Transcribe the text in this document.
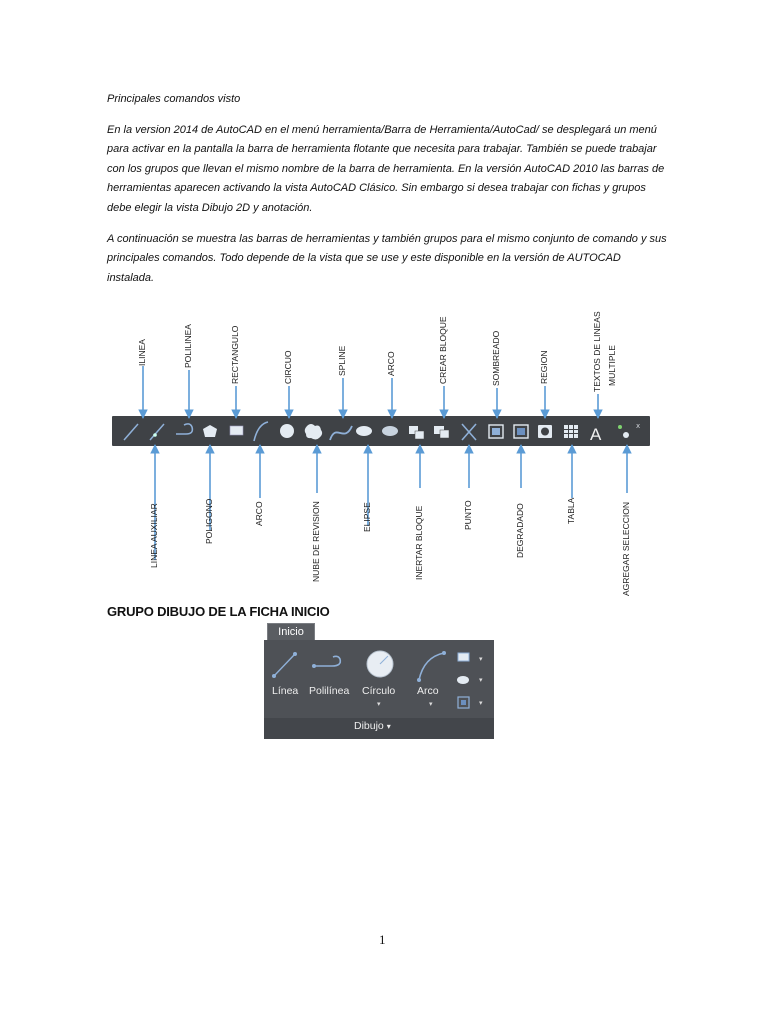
Principales comandos visto

En la version 2014 de AutoCAD en el menú herramienta/Barra de Herramienta/AutoCad/ se desplegará un menú para activar en la pantalla la barra de herramienta flotante que necesita para trabajar. También se puede trabajar con los grupos que llevan el mismo nombre de la barra de herramienta. En la versión AutoCAD 2010 las barras de herramientas aparecen activando la vista AutoCAD Clásico. Sin embargo si desea trabajar con fichas y grupos debe elegir la vista Dibujo 2D y anotación.

A continuación se muestra las barras de herramientas y también grupos para el mismo conjunto de comando y sus principales comandos. Todo depende de la vista que se use y este disponible en la versión de AUTOCAD instalada.

A	x
ILINEA	POLILINEA	RECTANGULO	CIRCUO	SPLINE	ARCO	CREAR BLOQUE	SOMBREADO	REGION	TEXTOS DE LINEAS MULTIPLE
LINEA AUXILIAR	POLIGONO	ARCO	NUBE DE REVISION	ELIPSE	INERTAR BLOQUE	PUNTO	DEGRADADO	TABLA	AGREGAR SELECCION

GRUPO DIBUJO DE LA FICHA INICIO

Inicio
▾
▾
▾
Línea Polilínea Círculo
▾
Arco
▾
Dibujo ▾
1
